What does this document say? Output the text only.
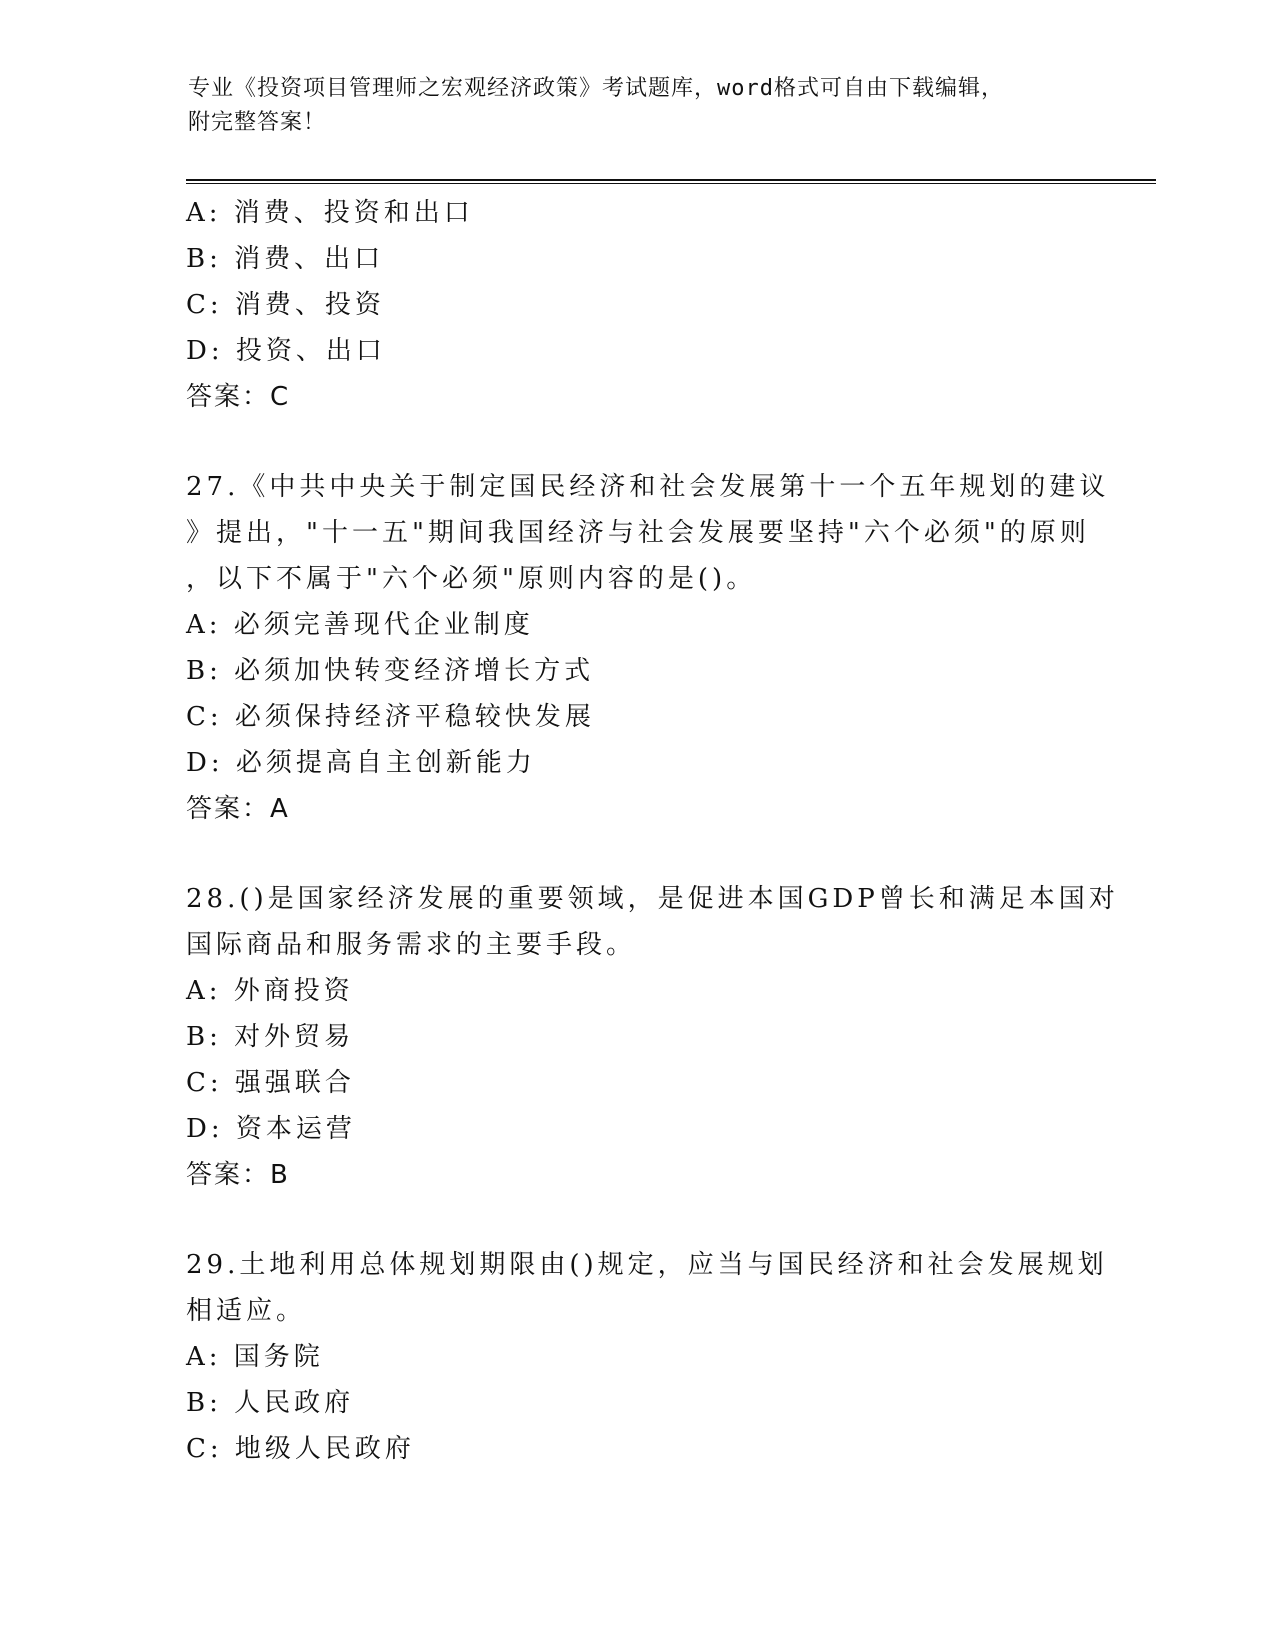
专业《投资项目管理师之宏观经济政策》考试题库，word格式可自由下载编辑，
附完整答案！
A: 消费、投资和出口
B: 消费、出口
C: 消费、投资
D: 投资、出口
答案：C
27.《中共中央关于制定国民经济和社会发展第十一个五年规划的建议
》提出，"十一五"期间我国经济与社会发展要坚持"六个必须"的原则
，以下不属于"六个必须"原则内容的是()。
A: 必须完善现代企业制度
B: 必须加快转变经济增长方式
C: 必须保持经济平稳较快发展
D: 必须提高自主创新能力
答案：A
28.()是国家经济发展的重要领域，是促进本国GDP曾长和满足本国对
国际商品和服务需求的主要手段。
A: 外商投资
B: 对外贸易
C: 强强联合
D: 资本运营
答案：B
29.土地利用总体规划期限由()规定，应当与国民经济和社会发展规划
相适应。
A: 国务院
B: 人民政府
C: 地级人民政府
